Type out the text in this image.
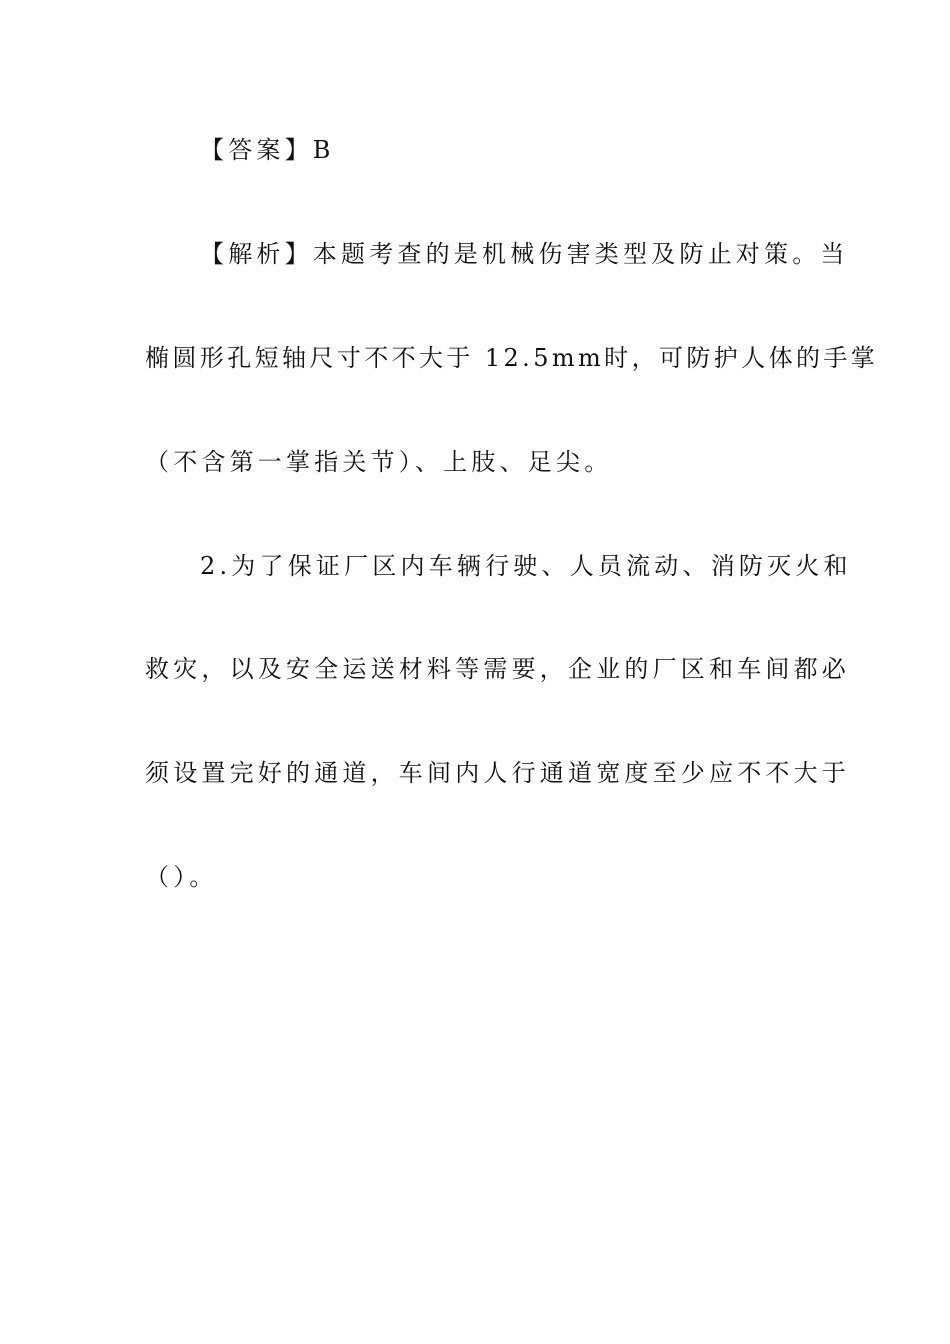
【答案】B
【解析】本题考查的是机械伤害类型及防止对策。当
椭圆形孔短轴尺寸不不大于 12.5mm时，可防护人体的手掌
（不含第一掌指关节）、上肢、足尖。
2.为了保证厂区内车辆行驶、人员流动、消防灭火和
救灾，以及安全运送材料等需要，企业的厂区和车间都必
须设置完好的通道，车间内人行通道宽度至少应不不大于
（）。
